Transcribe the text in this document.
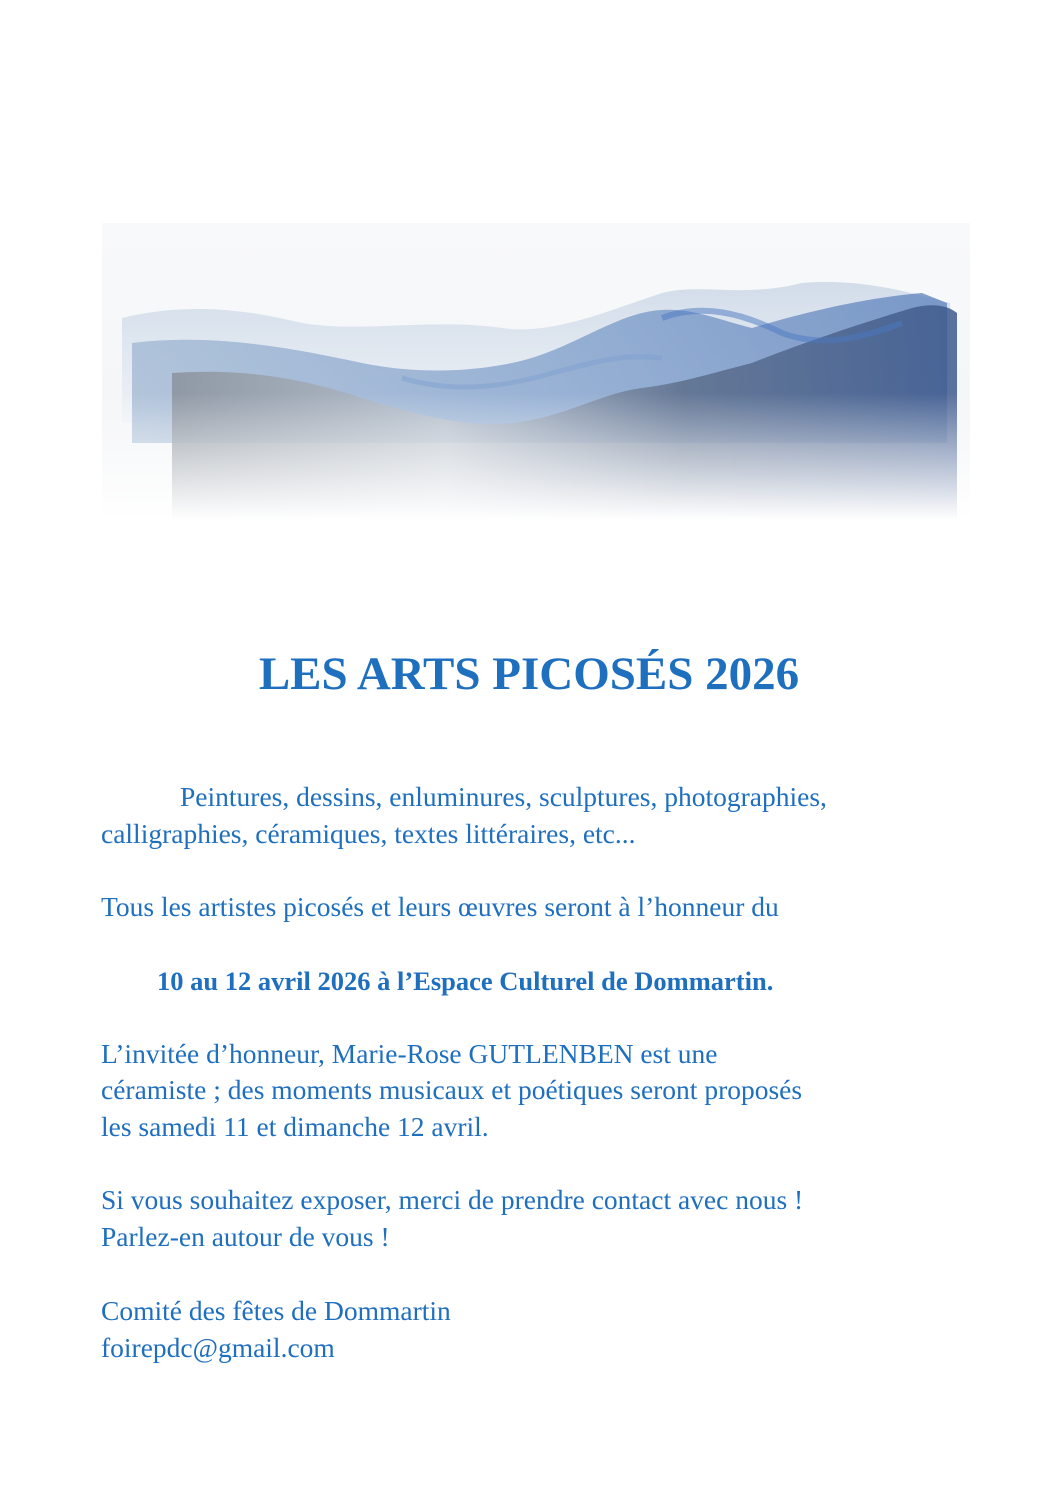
LES ARTS PICOSÉS 2026
Peintures, dessins, enluminures, sculptures, photographies,
calligraphies, céramiques, textes littéraires, etc...
Tous les artistes picosés et leurs œuvres seront à l’honneur du
10 au 12 avril 2026 à l’Espace Culturel de Dommartin.
L’invitée d’honneur, Marie-Rose GUTLENBEN est une
céramiste ; des moments musicaux et poétiques seront proposés
les samedi 11 et dimanche 12 avril.
Si vous souhaitez exposer, merci de prendre contact avec nous !
Parlez-en autour de vous !
Comité des fêtes de Dommartin
foirepdc@gmail.com
